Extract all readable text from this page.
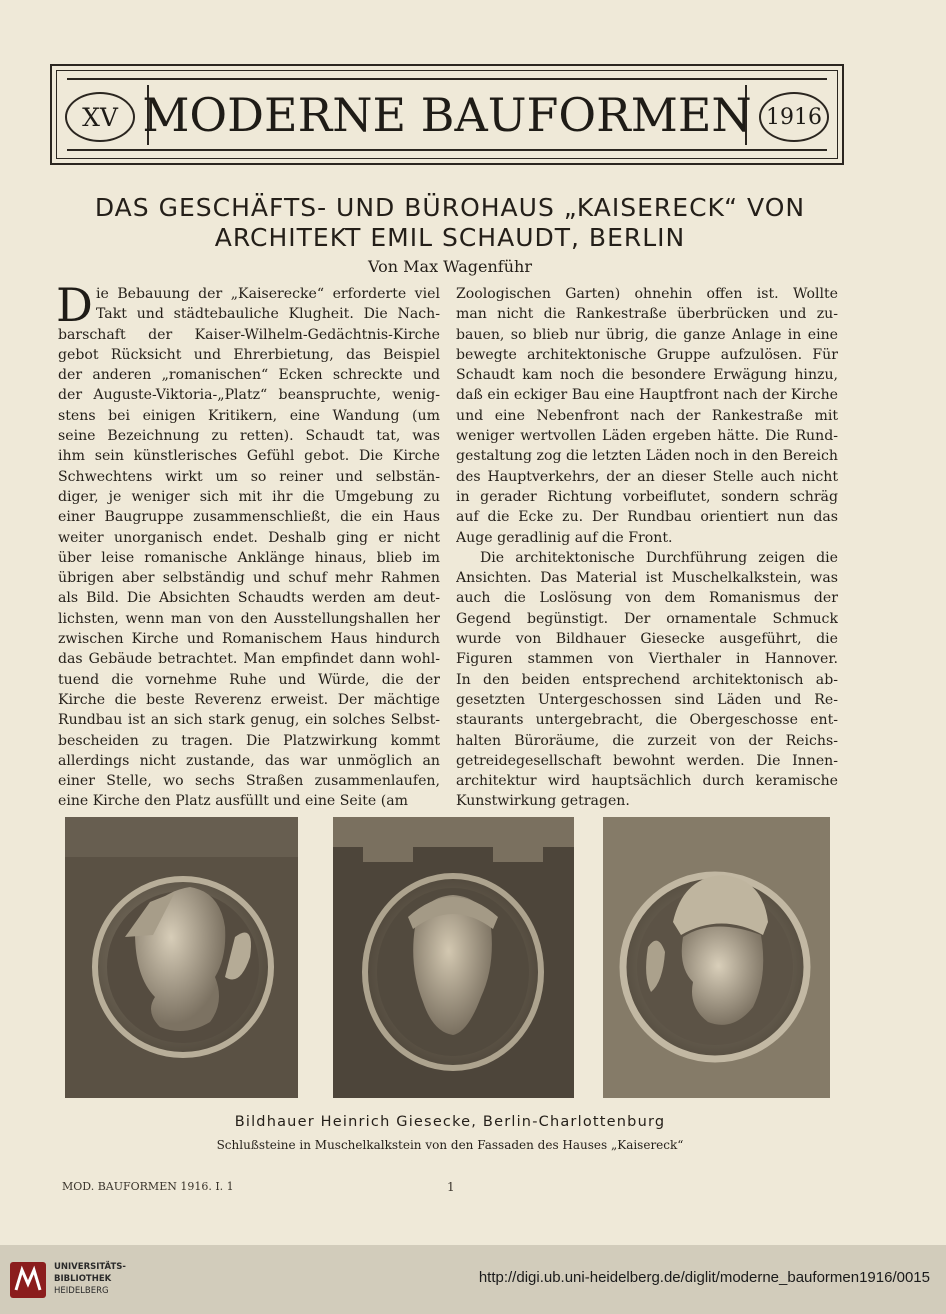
XV MODERNE BAUFORMEN 1916
DAS GESCHÄFTS- UND BÜROHAUS „KAISERECK“ VON
ARCHITEKT EMIL SCHAUDT, BERLIN
Von Max Wagenführ
D ie Bebauung der „Kaiserecke“ erforderte viel
Takt und städtebauliche Klugheit. Die Nach-
barschaft der Kaiser-Wilhelm-Gedächtnis-Kirche
gebot Rücksicht und Ehrerbietung, das Beispiel
der anderen „romanischen“ Ecken schreckte und
der Auguste-Viktoria-„Platz“ beanspruchte, wenig-
stens bei einigen Kritikern, eine Wandung (um
seine Bezeichnung zu retten). Schaudt tat, was
ihm sein künstlerisches Gefühl gebot. Die Kirche
Schwechtens wirkt um so reiner und selbstän-
diger, je weniger sich mit ihr die Umgebung zu
einer Baugruppe zusammenschließt, die ein Haus
weiter unorganisch endet. Deshalb ging er nicht
über leise romanische Anklänge hinaus, blieb im
übrigen aber selbständig und schuf mehr Rahmen
als Bild. Die Absichten Schaudts werden am deut-
lichsten, wenn man von den Ausstellungshallen her
zwischen Kirche und Romanischem Haus hindurch
das Gebäude betrachtet. Man empfindet dann wohl-
tuend die vornehme Ruhe und Würde, die der
Kirche die beste Reverenz erweist. Der mächtige
Rundbau ist an sich stark genug, ein solches Selbst-
bescheiden zu tragen. Die Platzwirkung kommt
allerdings nicht zustande, das war unmöglich an
einer Stelle, wo sechs Straßen zusammenlaufen,
eine Kirche den Platz ausfüllt und eine Seite (am
Zoologischen Garten) ohnehin offen ist. Wollte
man nicht die Rankestraße überbrücken und zu-
bauen, so blieb nur übrig, die ganze Anlage in eine
bewegte architektonische Gruppe aufzulösen. Für
Schaudt kam noch die besondere Erwägung hinzu,
daß ein eckiger Bau eine Hauptfront nach der Kirche
und eine Nebenfront nach der Rankestraße mit
weniger wertvollen Läden ergeben hätte. Die Rund-
gestaltung zog die letzten Läden noch in den Bereich
des Hauptverkehrs, der an dieser Stelle auch nicht
in gerader Richtung vorbeiflutet, sondern schräg
auf die Ecke zu. Der Rundbau orientiert nun das
Auge geradlinig auf die Front.
Die architektonische Durchführung zeigen die
Ansichten. Das Material ist Muschelkalkstein, was
auch die Loslösung von dem Romanismus der
Gegend begünstigt. Der ornamentale Schmuck
wurde von Bildhauer Giesecke ausgeführt, die
Figuren stammen von Vierthaler in Hannover.
In den beiden entsprechend architektonisch ab-
gesetzten Untergeschossen sind Läden und Re-
staurants untergebracht, die Obergeschosse ent-
halten Büroräume, die zurzeit von der Reichs-
getreidegesellschaft bewohnt werden. Die Innen-
architektur wird hauptsächlich durch keramische
Kunstwirkung getragen.
Bildhauer Heinrich Giesecke, Berlin-Charlottenburg
Schlußsteine in Muschelkalkstein von den Fassaden des Hauses „Kaisereck“
MOD. BAUFORMEN 1916. I. 1	1
UNIVERSITÄTS-
BIBLIOTHEK
HEIDELBERG
http://digi.ub.uni-heidelberg.de/diglit/moderne_bauformen1916/0015
